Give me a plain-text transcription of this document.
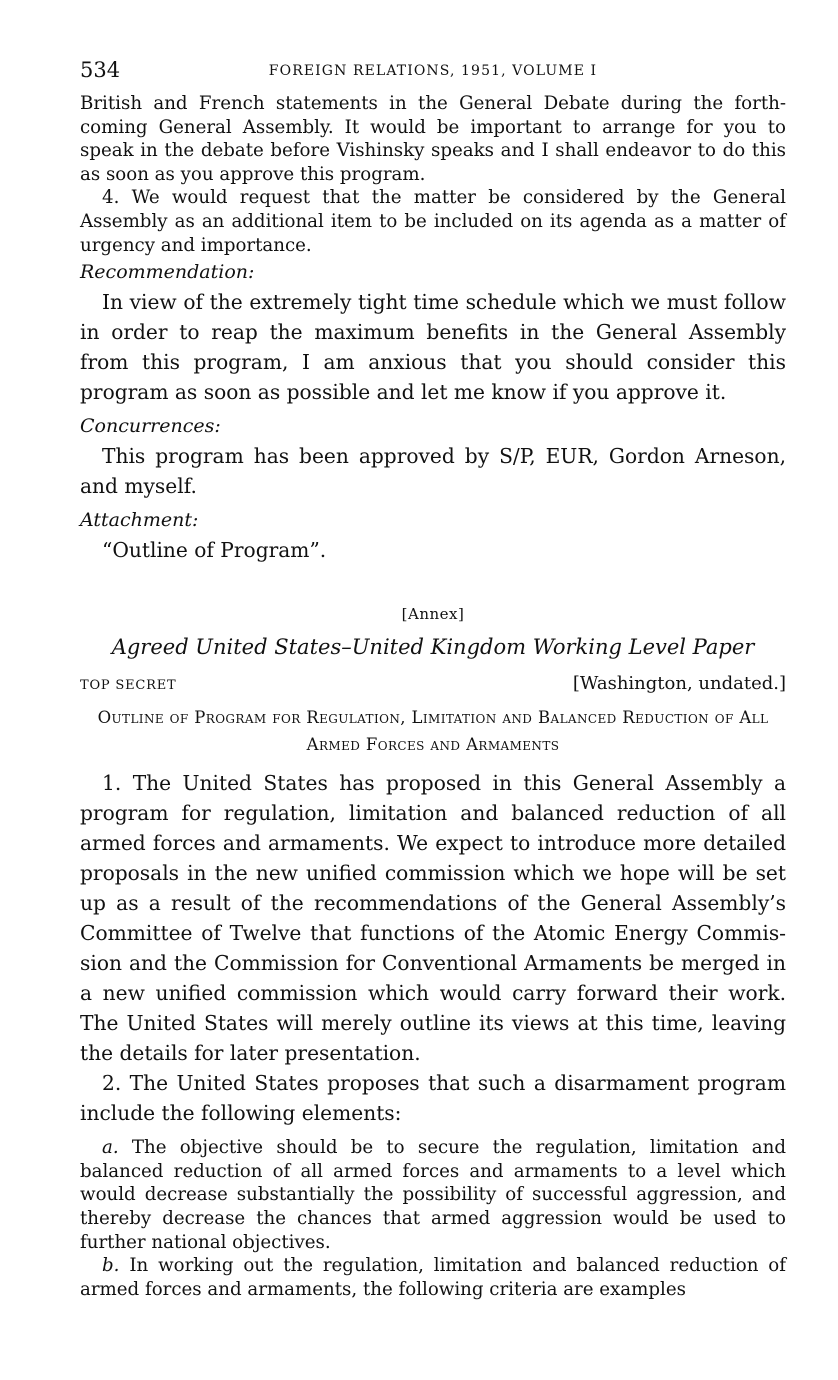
534	FOREIGN RELATIONS, 1951, VOLUME I

British and French statements in the General Debate during the forth-coming General Assembly. It would be important to arrange for you to speak in the debate before Vishinsky speaks and I shall endeavor to do this as soon as you approve this program.

4. We would request that the matter be considered by the General Assembly as an additional item to be included on its agenda as a matter of urgency and importance.

Recommendation:

In view of the extremely tight time schedule which we must follow in order to reap the maximum benefits in the General Assembly from this program, I am anxious that you should consider this program as soon as possible and let me know if you approve it.

Concurrences:

This program has been approved by S/P, EUR, Gordon Arneson, and myself.

Attachment:
“Outline of Program”.
[Annex]
Agreed United States–United Kingdom Working Level Paper
TOP SECRET	[Washington, undated.]
Outline of Program for Regulation, Limitation and Balanced Reduction of All Armed Forces and Armaments

1. The United States has proposed in this General Assembly a program for regulation, limitation and balanced reduction of all armed forces and armaments. We expect to introduce more detailed proposals in the new unified commission which we hope will be set up as a result of the recommendations of the General Assembly’s Committee of Twelve that functions of the Atomic Energy Commis-sion and the Commission for Conventional Armaments be merged in a new unified commission which would carry forward their work. The United States will merely outline its views at this time, leaving the details for later presentation.

2. The United States proposes that such a disarmament program include the following elements:

a. The objective should be to secure the regulation, limitation and balanced reduction of all armed forces and armaments to a level which would decrease substantially the possibility of successful aggression, and thereby decrease the chances that armed aggression would be used to further national objectives.

b. In working out the regulation, limitation and balanced reduction of armed forces and armaments, the following criteria are examples
